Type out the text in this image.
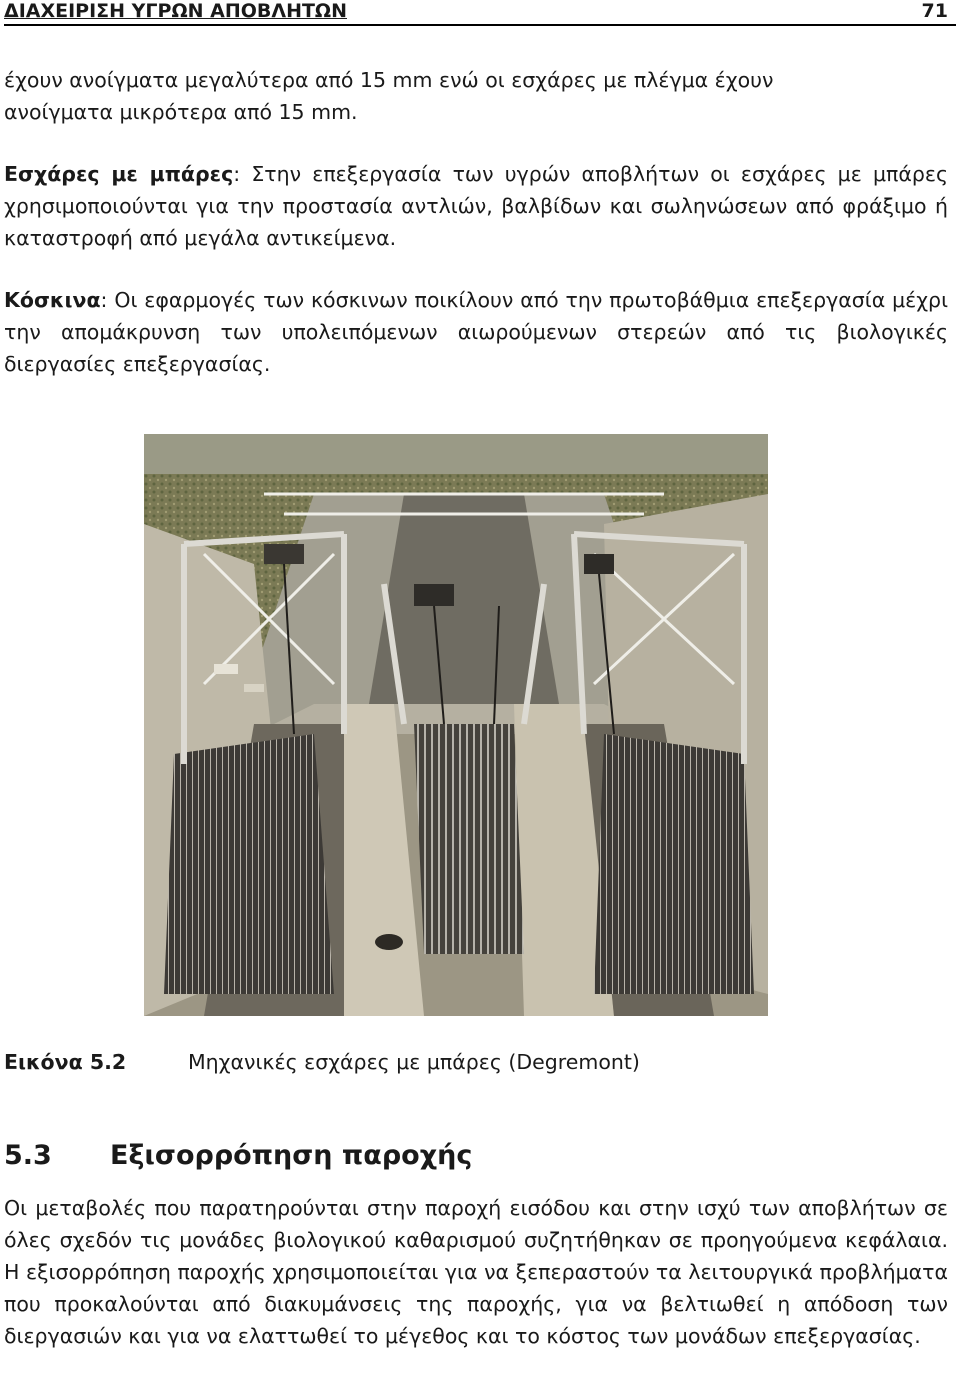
ΔΙΑΧΕΙΡΙΣΗ ΥΓΡΩΝ ΑΠΟΒΛΗΤΩΝ	71

έχουν ανοίγματα μεγαλύτερα από 15 mm ενώ οι εσχάρες με πλέγμα έχουν

ανοίγματα μικρότερα από 15 mm.

Εσχάρες με μπάρες: Στην επεξεργασία των υγρών αποβλήτων οι εσχάρες με μπάρες χρησιμοποιούνται για την προστασία αντλιών, βαλβίδων και σωληνώσεων από φράξιμο ή καταστροφή από μεγάλα αντικείμενα.

Κόσκινα: Οι εφαρμογές των κόσκινων ποικίλουν από την πρωτοβάθμια επεξεργασία μέχρι την απομάκρυνση των υπολειπόμενων αιωρούμενων στερεών από τις βιολογικές διεργασίες επεξεργασίας.

Εικόνα 5.2	Μηχανικές εσχάρες με μπάρες (Degremont)
5.3 Εξισορρόπηση παροχής

Οι μεταβολές που παρατηρούνται στην παροχή εισόδου και στην ισχύ των αποβλήτων σε όλες σχεδόν τις μονάδες βιολογικού καθαρισμού συζητήθηκαν σε προηγούμενα κεφάλαια. Η εξισορρόπηση παροχής χρησιμοποιείται για να ξεπεραστούν τα λειτουργικά προβλήματα που προκαλούνται από διακυμάνσεις της παροχής, για να βελτιωθεί η απόδοση των διεργασιών και για να ελαττωθεί το μέγεθος και το κόστος των μονάδων επεξεργασίας.
